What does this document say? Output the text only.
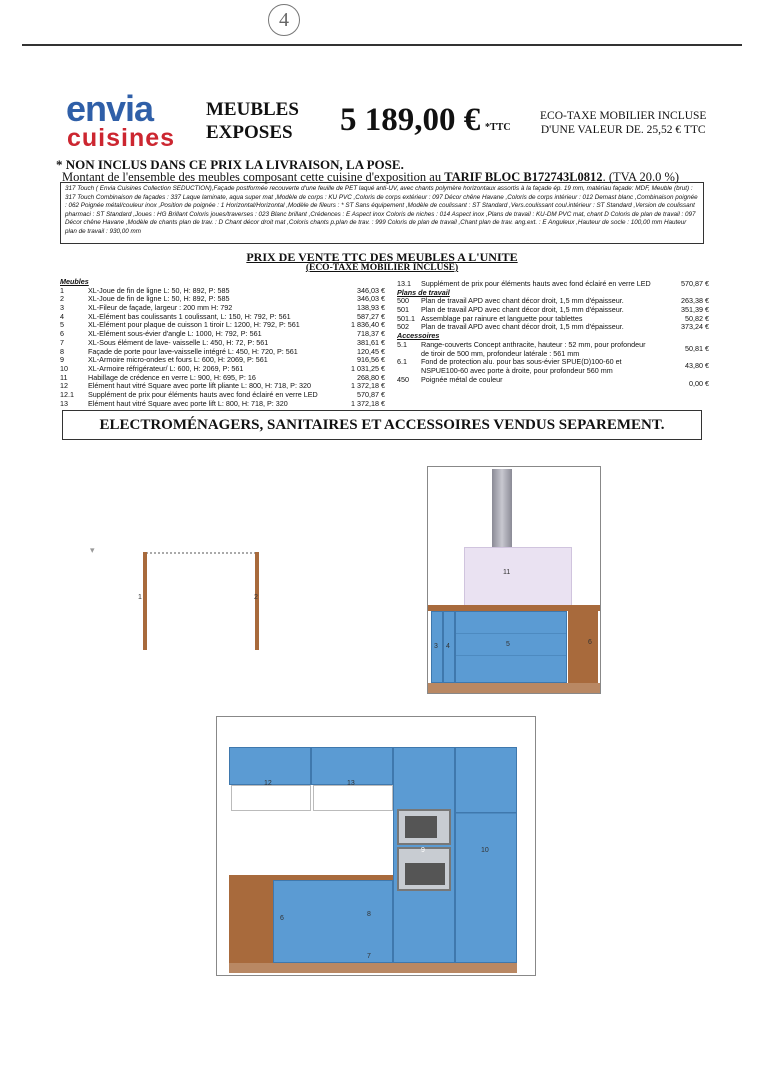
4
envia
cuisines
MEUBLES
EXPOSES 5 189,00 € *TTC
ECO-TAXE MOBILIER INCLUSE
D'UNE VALEUR DE. 25,52 € TTC
* NON INCLUS DANS CE PRIX LA LIVRAISON, LA POSE.
Montant de l'ensemble des meubles composant cette cuisine d'exposition au TARIF BLOC B172743L0812. (TVA 20.0 %)
317 Touch ( Envia Cuisines Collection SEDUCTION),Façade postformée recouverte d'une feuille de PET laqué anti-UV, avec chants polymère horizontaux assortis à la façade ép. 19 mm, matériau façade: MDF, Meuble (brut) : 317 Touch Combinaison de façades : 337 Laque laminate, aqua super mat ,Modèle de corps : KU PVC ,Coloris de corps extérieur : 097 Décor chêne Havane ,Coloris de corps intérieur : 012 Demast blanc ,Combinaison poignée : 062 Poignée métal/couleur inox ,Position de poignée : 1 Horizontal/Horizontal ,Modèle de fileurs : * ST Sans équipement ,Modèle de coulissant : ST Standard ,Vers.coulissant coul.intérieur : ST Standard ,Version de coulissant pharmaci : ST Standard ,Joues : HG Brillant Coloris joues/traverses : 023 Blanc brillant ,Crédences : E Aspect inox Coloris de niches : 014 Aspect inox ,Plans de travail : KU-DM PVC mat, chant D Coloris de plan de travail : 097 Décor chêne Havane ,Modèle de chants plan de trav. : D Chant décor droit mat ,Coloris chants p.plan de trav. : 999 Coloris de plan de travail ,Chant plan de trav. ang.ext. : E Anguleux ,Hauteur de socle : 100,00 mm Hauteur plan de travail : 930,00 mm
PRIX DE VENTE TTC DES MEUBLES A L'UNITE
(ECO-TAXE MOBILIER INCLUSE)
Meubles
1	XL-Joue de fin de ligne L: 50, H: 892, P: 585	346,03 €
2	XL-Joue de fin de ligne L: 50, H: 892, P: 585	346,03 €
3	XL-Fileur de façade, largeur : 200 mm H: 792	138,93 €
4	XL-Elément bas coulissants 1 coulissant, L: 150, H: 792, P: 561	587,27 €
5	XL-Elément pour plaque de cuisson 1 tiroir L: 1200, H: 792, P: 561	1 836,40 €
6	XL-Elément sous-évier d'angle L: 1000, H: 792, P: 561	718,37 €
7	XL-Sous élément de lave- vaisselle L: 450, H: 72, P: 561	381,61 €
8	Façade de porte pour lave-vaisselle intégré L: 450, H: 720, P: 561	120,45 €
9	XL-Armoire micro-ondes et fours L: 600, H: 2069, P: 561	916,56 €
10	XL-Armoire réfrigérateur/ L: 600, H: 2069, P: 561	1 031,25 €
11	Habillage de crédence en verre L: 900, H: 695, P: 16	268,80 €
12	Elément haut vitré Square avec porte lift pliante L: 800, H: 718, P: 320	1 372,18 €
12.1 Supplément de prix pour éléments hauts avec fond éclairé en verre LED	570,87 €
13	Elément haut vitré Square avec porte lift L: 800, H: 718, P: 320	1 372,18 €
13.1 Supplément de prix pour éléments hauts avec fond éclairé en verre LED	570,87 €
Plans de travail
500 Plan de travail APD avec chant décor droit, 1,5 mm d'épaisseur.	263,38 €
501 Plan de travail APD avec chant décor droit, 1,5 mm d'épaisseur.	351,39 €
501.1 Assemblage par rainure et languette pour tablettes	50,82 €
502 Plan de travail APD avec chant décor droit, 1,5 mm d'épaisseur.	373,24 €
Accessoires
5.1 Range-couverts Concept anthracite, hauteur : 52 mm, pour profondeur
de tiroir de 500 mm, profondeur latérale : 561 mm
50,81 €
6.1 Fond de protection alu. pour bas sous-évier SPUE(D)100-60 et
NSPUE100-60 avec porte à droite, pour profondeur 560 mm
43,80 €
450 Poignée métal de couleur	0,00 €
ELECTROMÉNAGERS, SANITAIRES ET ACCESSOIRES VENDUS SEPAREMENT.
▾
1	2
11
3 4	5	6
12	13
9	10
6
8
7
